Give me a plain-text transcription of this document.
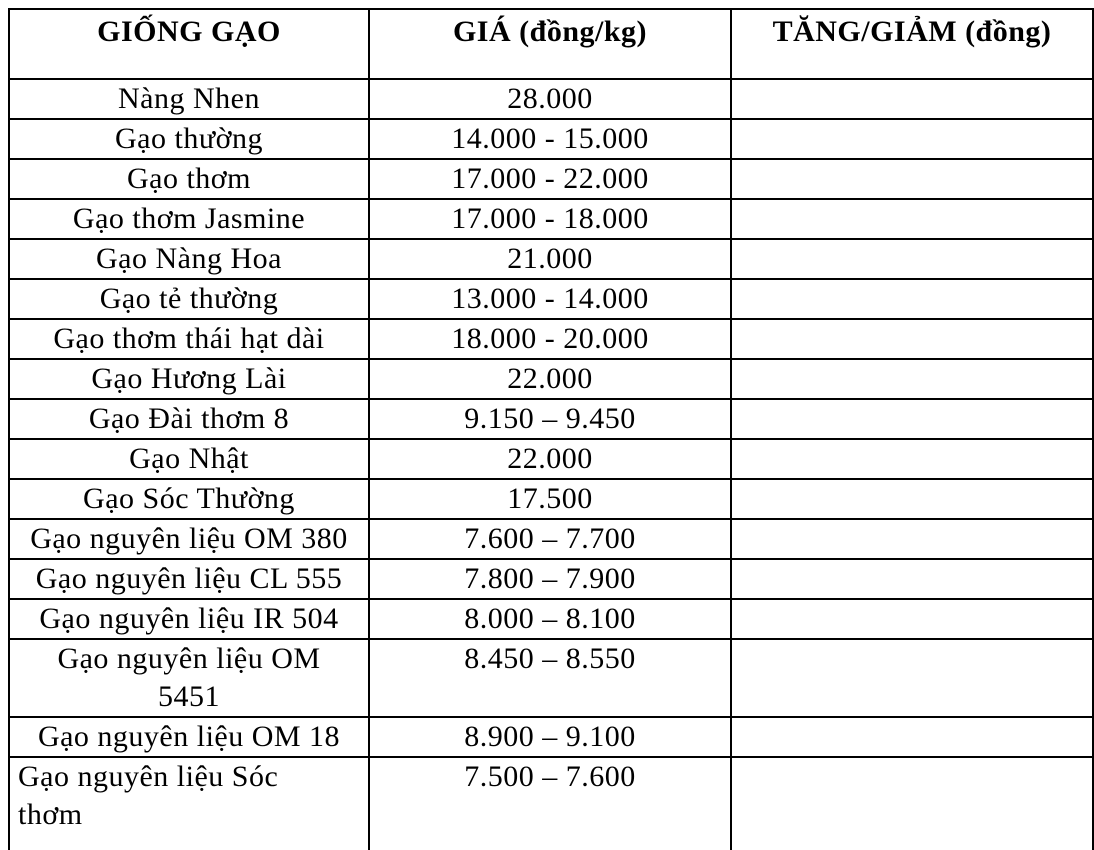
GIỐNG GẠO	GIÁ (đồng/kg)	TĂNG/GIẢM (đồng)
Nàng Nhen	28.000	
Gạo thường	14.000 - 15.000	
Gạo thơm	17.000 - 22.000	
Gạo thơm Jasmine	17.000 - 18.000	
Gạo Nàng Hoa	21.000	
Gạo tẻ thường	13.000 - 14.000	
Gạo thơm thái hạt dài	18.000 - 20.000	
Gạo Hương Lài	22.000	
Gạo Đài thơm 8	9.150 – 9.450	
Gạo Nhật	22.000	
Gạo Sóc Thường	17.500	
Gạo nguyên liệu OM 380	7.600 – 7.700	
Gạo nguyên liệu CL 555	7.800 – 7.900	
Gạo nguyên liệu IR 504	8.000 – 8.100	
Gạo nguyên liệu OM 5451	8.450 – 8.550	
Gạo nguyên liệu OM 18	8.900 – 9.100	
Gạo nguyên liệu Sóc thơm	7.500 – 7.600	
